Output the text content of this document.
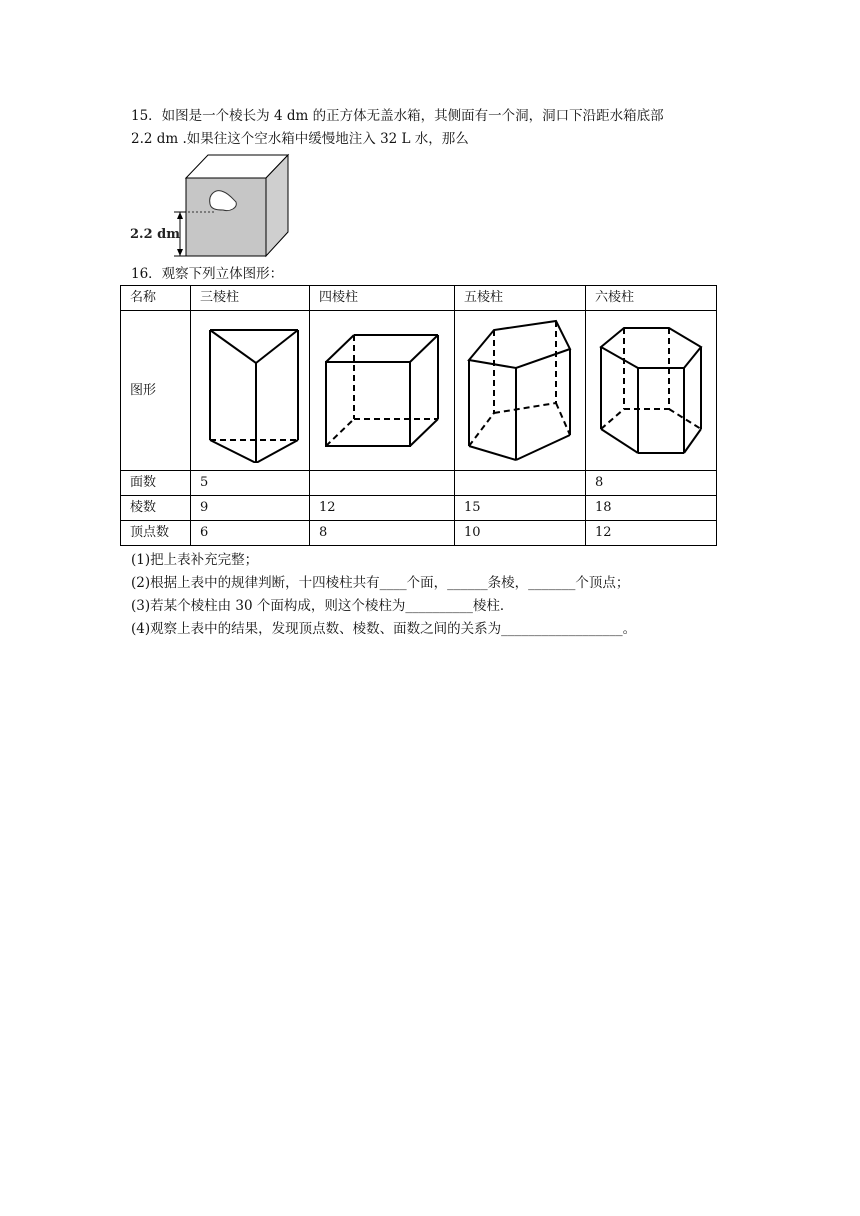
15．如图是一个棱长为 4 dm 的正方体无盖水箱，其侧面有一个洞，洞口下沿距水箱底部
2.2 dm .如果往这个空水箱中缓慢地注入 32 L 水，那么
2.2 dm
16．观察下列立体图形：
名称	三棱柱	四棱柱	五棱柱	六棱柱
图形	

面数	5			8
棱数	9	12	15	18
顶点数	6	8	10	12
(1)把上表补充完整；
(2)根据上表中的规律判断，十四棱柱共有____个面，______条棱，_______个顶点；
(3)若某个棱柱由 30 个面构成，则这个棱柱为__________棱柱．
(4)观察上表中的结果，发现顶点数、棱数、面数之间的关系为__________________。
